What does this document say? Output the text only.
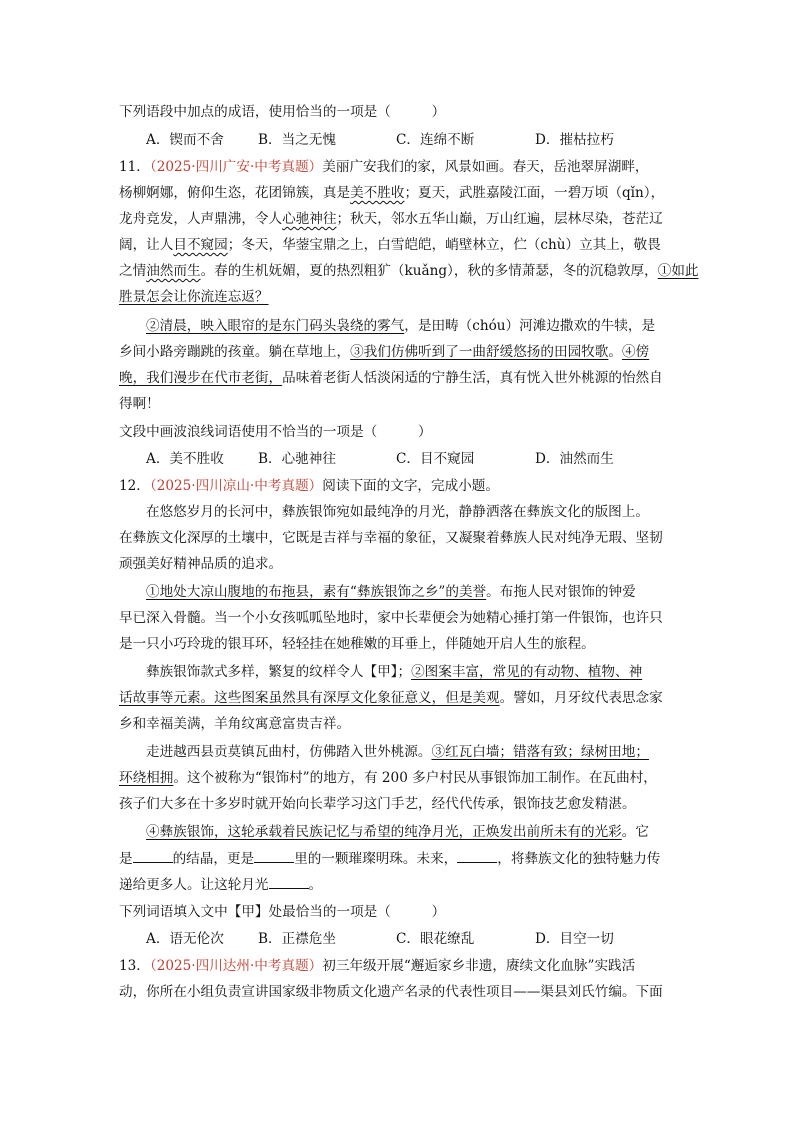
下列语段中加点的成语，使用恰当的一项是（　　　）
A．锲而不舍	B．当之无愧	C．连绵不断	D．摧枯拉朽
11．（2025·四川广安·中考真题）美丽广安我们的家，风景如画。春天，岳池翠屏湖畔，
杨柳婀娜，俯仰生恣，花团锦簇，真是美不胜收；夏天，武胜嘉陵江面，一碧万顷（qǐn），
龙舟竞发，人声鼎沸，令人心驰神往；秋天，邻水五华山巅，万山红遍，层林尽染，苍茫辽
阔，让人目不窥园；冬天，华蓥宝鼎之上，白雪皑皑，峭壁林立，伫（chù）立其上，敬畏
之情油然而生。春的生机妩媚，夏的热烈粗犷（kuǎng），秋的多情萧瑟，冬的沉稳敦厚，①如此
胜景怎会让你流连忘返？
②清晨，映入眼帘的是东门码头袅绕的雾气，是田畴（chóu）河滩边撒欢的牛犊，是
乡间小路旁蹦跳的孩童。躺在草地上，③我们仿佛听到了一曲舒缓悠扬的田园牧歌。④傍
晚，我们漫步在代市老街，品味着老街人恬淡闲适的宁静生活，真有恍入世外桃源的怡然自
得啊！
文段中画波浪线词语使用不恰当的一项是（　　　）
A．美不胜收	B．心驰神往	C．目不窥园	D．油然而生
12．（2025·四川凉山·中考真题）阅读下面的文字，完成小题。
在悠悠岁月的长河中，彝族银饰宛如最纯净的月光，静静洒落在彝族文化的版图上。
在彝族文化深厚的土壤中，它既是吉祥与幸福的象征，又凝聚着彝族人民对纯净无瑕、坚韧
顽强美好精神品质的追求。
①地处大凉山腹地的布拖县，素有“彝族银饰之乡”的美誉。布拖人民对银饰的钟爱
早已深入骨髓。当一个小女孩呱呱坠地时，家中长辈便会为她精心捶打第一件银饰，也许只
是一只小巧玲珑的银耳环，轻轻挂在她稚嫩的耳垂上，伴随她开启人生的旅程。
彝族银饰款式多样，繁复的纹样令人【甲】；②图案丰富，常见的有动物、植物、神
话故事等元素。这些图案虽然具有深厚文化象征意义，但是美观。譬如，月牙纹代表思念家
乡和幸福美满，羊角纹寓意富贵吉祥。
走进越西县贡莫镇瓦曲村，仿佛踏入世外桃源。③红瓦白墙；错落有致；绿树田地；
环绕相拥。这个被称为“银饰村”的地方，有 200 多户村民从事银饰加工制作。在瓦曲村，
孩子们大多在十多岁时就开始向长辈学习这门手艺，经代代传承，银饰技艺愈发精湛。
④彝族银饰，这轮承载着民族记忆与希望的纯净月光，正焕发出前所未有的光彩。它
是	的结晶，更是	里的一颗璀璨明珠。未来，	，将彝族文化的独特魅力传
递给更多人。让这轮月光	。
下列词语填入文中【甲】处最恰当的一项是（　　　）
A．语无伦次	B．正襟危坐	C．眼花缭乱	D．目空一切
13．（2025·四川达州·中考真题）初三年级开展“邂逅家乡非遗，赓续文化血脉”实践活
动，你所在小组负责宣讲国家级非物质文化遗产名录的代表性项目——渠县刘氏竹编。下面
